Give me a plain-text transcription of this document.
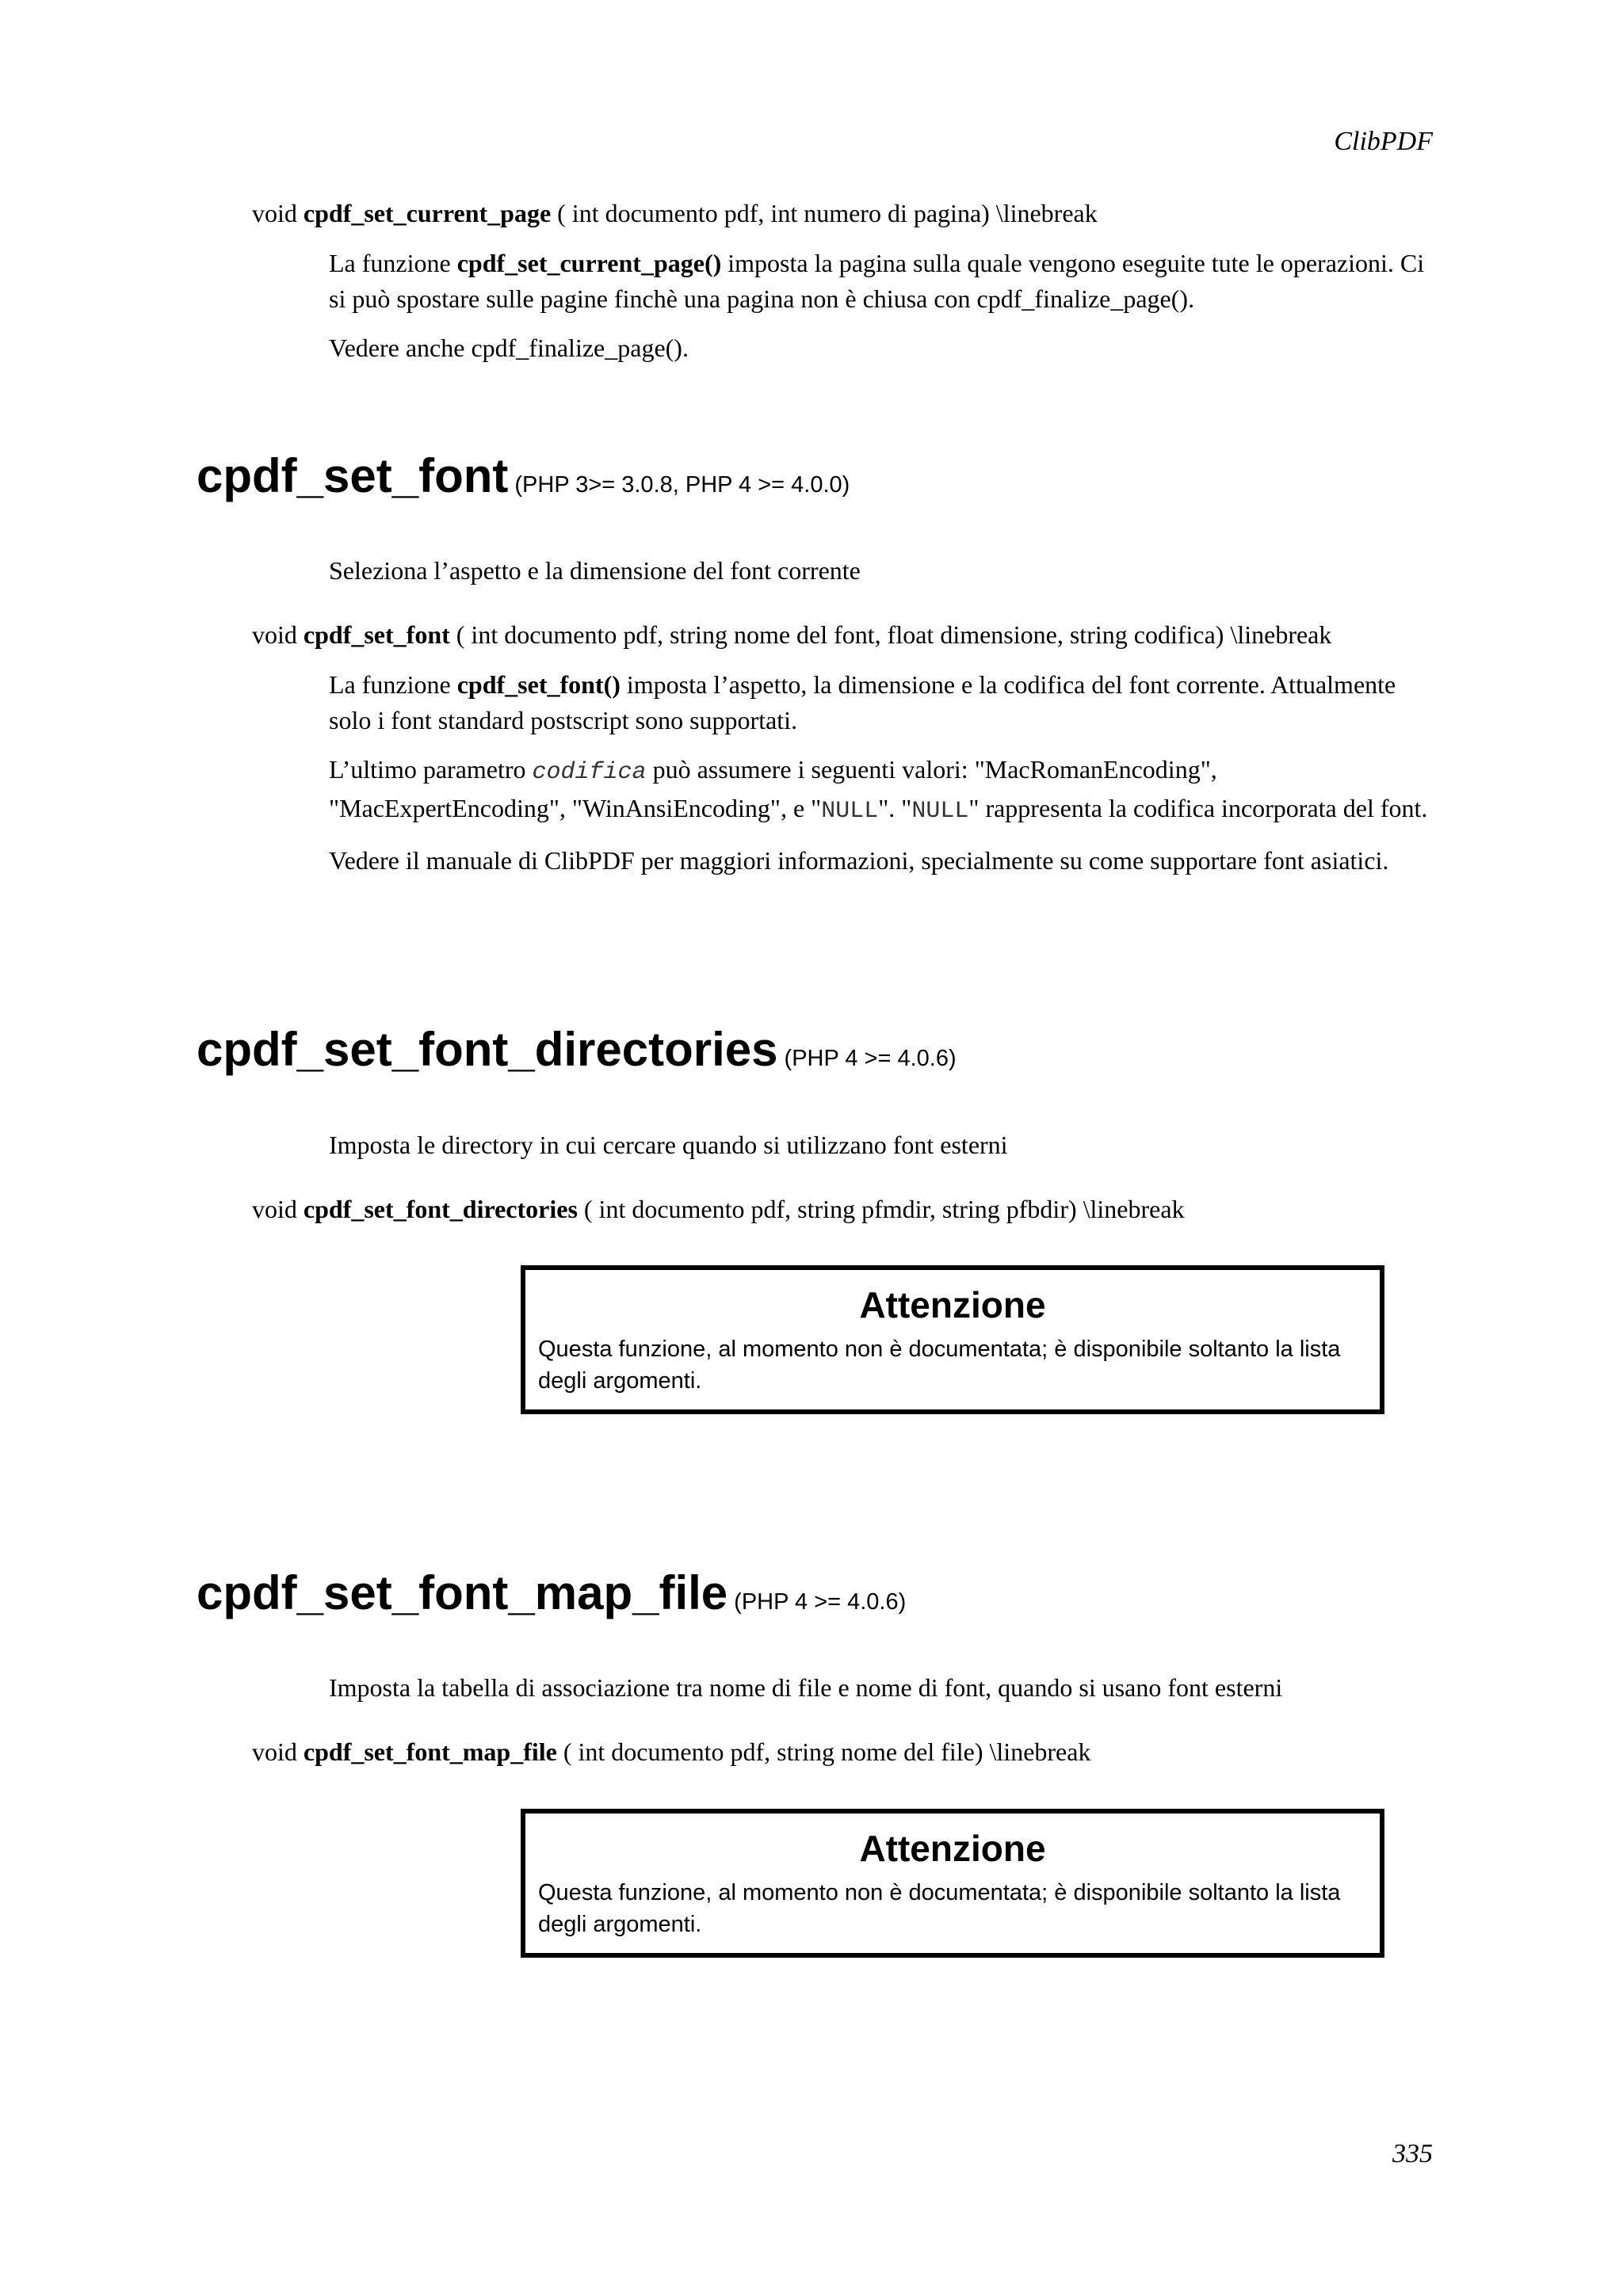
ClibPDF
void cpdf_set_current_page ( int documento pdf, int numero di pagina) \linebreak

La funzione cpdf_set_current_page() imposta la pagina sulla quale vengono eseguite tute le operazioni. Ci si può spostare sulle pagine finchè una pagina non è chiusa con cpdf_finalize_page().

Vedere anche cpdf_finalize_page().

cpdf_set_font (PHP 3>= 3.0.8, PHP 4 >= 4.0.0)
Seleziona l’aspetto e la dimensione del font corrente
void cpdf_set_font ( int documento pdf, string nome del font, float dimensione, string codifica) \linebreak

La funzione cpdf_set_font() imposta l’aspetto, la dimensione e la codifica del font corrente. Attualmente solo i font standard postscript sono supportati.

L’ultimo parametro codifica può assumere i seguenti valori: "MacRomanEncoding", "MacExpertEncoding", "WinAnsiEncoding", e "NULL". "NULL" rappresenta la codifica incorporata del font.

Vedere il manuale di ClibPDF per maggiori informazioni, specialmente su come supportare font asiatici.

cpdf_set_font_directories (PHP 4 >= 4.0.6)
Imposta le directory in cui cercare quando si utilizzano font esterni
void cpdf_set_font_directories ( int documento pdf, string pfmdir, string pfbdir) \linebreak
Attenzione
Questa funzione, al momento non è documentata; è disponibile soltanto la lista degli argomenti.
cpdf_set_font_map_file (PHP 4 >= 4.0.6)
Imposta la tabella di associazione tra nome di file e nome di font, quando si usano font esterni
void cpdf_set_font_map_file ( int documento pdf, string nome del file) \linebreak
Attenzione
Questa funzione, al momento non è documentata; è disponibile soltanto la lista degli argomenti.
335
